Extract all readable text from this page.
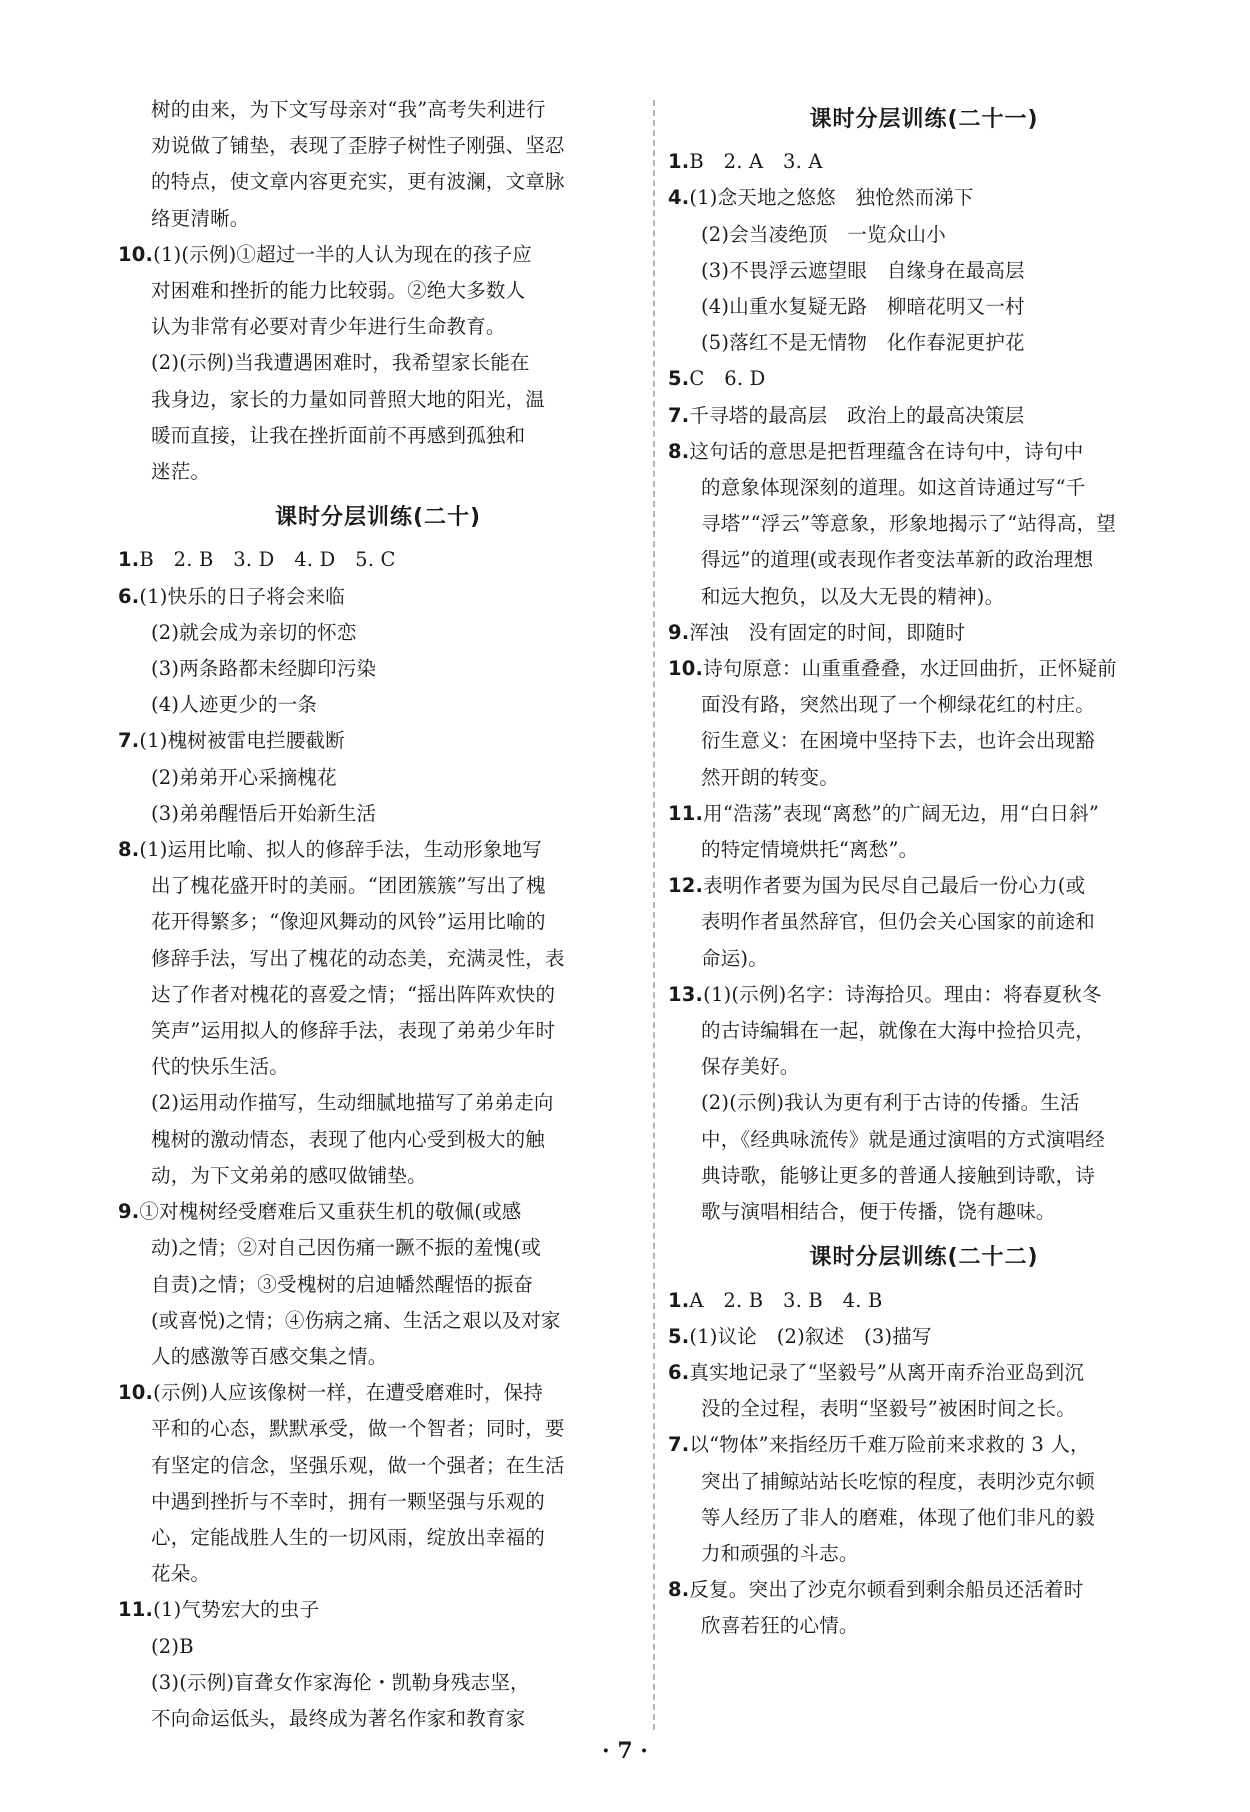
树的由来，为下文写母亲对“我”高考失利进行
劝说做了铺垫，表现了歪脖子树性子刚强、坚忍
的特点，使文章内容更充实，更有波澜，文章脉
络更清晰。
10.(1)(示例)①超过一半的人认为现在的孩子应
对困难和挫折的能力比较弱。②绝大多数人
认为非常有必要对青少年进行生命教育。
(2)(示例)当我遭遇困难时，我希望家长能在
我身边，家长的力量如同普照大地的阳光，温
暖而直接，让我在挫折面前不再感到孤独和
迷茫。
课时分层训练(二十)
1.B　2. B　3. D　4. D　5. C
6.(1)快乐的日子将会来临
(2)就会成为亲切的怀恋
(3)两条路都未经脚印污染
(4)人迹更少的一条
7.(1)槐树被雷电拦腰截断
(2)弟弟开心采摘槐花
(3)弟弟醒悟后开始新生活
8.(1)运用比喻、拟人的修辞手法，生动形象地写
出了槐花盛开时的美丽。“团团簇簇”写出了槐
花开得繁多；“像迎风舞动的风铃”运用比喻的
修辞手法，写出了槐花的动态美，充满灵性，表
达了作者对槐花的喜爱之情；“摇出阵阵欢快的
笑声”运用拟人的修辞手法，表现了弟弟少年时
代的快乐生活。
(2)运用动作描写，生动细腻地描写了弟弟走向
槐树的激动情态，表现了他内心受到极大的触
动，为下文弟弟的感叹做铺垫。
9.①对槐树经受磨难后又重获生机的敬佩(或感
动)之情；②对自己因伤痛一蹶不振的羞愧(或
自责)之情；③受槐树的启迪幡然醒悟的振奋
(或喜悦)之情；④伤病之痛、生活之艰以及对家
人的感激等百感交集之情。
10.(示例)人应该像树一样，在遭受磨难时，保持
平和的心态，默默承受，做一个智者；同时，要
有坚定的信念，坚强乐观，做一个强者；在生活
中遇到挫折与不幸时，拥有一颗坚强与乐观的
心，定能战胜人生的一切风雨，绽放出幸福的
花朵。
11.(1)气势宏大的虫子
(2)B
(3)(示例)盲聋女作家海伦・凯勒身残志坚，
不向命运低头，最终成为著名作家和教育家
课时分层训练(二十一)
1.B　2. A　3. A
4.(1)念天地之悠悠　独怆然而涕下
(2)会当凌绝顶　一览众山小
(3)不畏浮云遮望眼　自缘身在最高层
(4)山重水复疑无路　柳暗花明又一村
(5)落红不是无情物　化作春泥更护花
5.C　6. D
7.千寻塔的最高层　政治上的最高决策层
8.这句话的意思是把哲理蕴含在诗句中，诗句中
的意象体现深刻的道理。如这首诗通过写“千
寻塔”“浮云”等意象，形象地揭示了“站得高，望
得远”的道理(或表现作者变法革新的政治理想
和远大抱负，以及大无畏的精神)。
9.浑浊　没有固定的时间，即随时
10.诗句原意：山重重叠叠，水迂回曲折，正怀疑前
面没有路，突然出现了一个柳绿花红的村庄。
衍生意义：在困境中坚持下去，也许会出现豁
然开朗的转变。
11.用“浩荡”表现“离愁”的广阔无边，用“白日斜”
的特定情境烘托“离愁”。
12.表明作者要为国为民尽自己最后一份心力(或
表明作者虽然辞官，但仍会关心国家的前途和
命运)。
13.(1)(示例)名字：诗海拾贝。理由：将春夏秋冬
的古诗编辑在一起，就像在大海中捡拾贝壳，
保存美好。
(2)(示例)我认为更有利于古诗的传播。生活
中，《经典咏流传》就是通过演唱的方式演唱经
典诗歌，能够让更多的普通人接触到诗歌，诗
歌与演唱相结合，便于传播，饶有趣味。
课时分层训练(二十二)
1.A　2. B　3. B　4. B
5.(1)议论　(2)叙述　(3)描写
6.真实地记录了“坚毅号”从离开南乔治亚岛到沉
没的全过程，表明“坚毅号”被困时间之长。
7.以“物体”来指经历千难万险前来求救的 3 人，
突出了捕鲸站站长吃惊的程度，表明沙克尔顿
等人经历了非人的磨难，体现了他们非凡的毅
力和顽强的斗志。
8.反复。突出了沙克尔顿看到剩余船员还活着时
欣喜若狂的心情。
· 7 ·
